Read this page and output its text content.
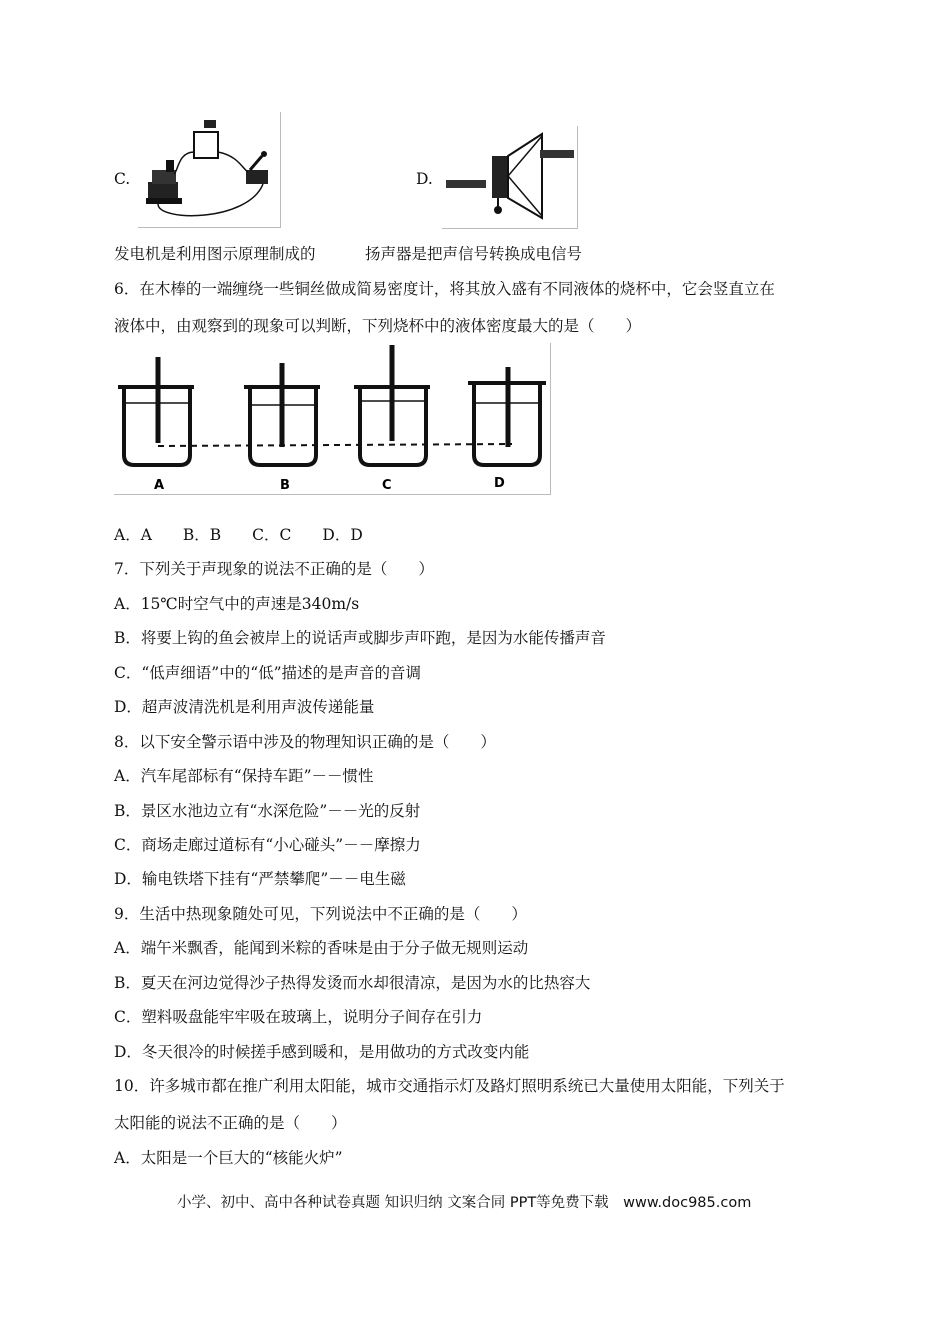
C.	D.
发电机是利用图示原理制成的	扬声器是把声信号转换成电信号
6．在木棒的一端缠绕一些铜丝做成简易密度计，将其放入盛有不同液体的烧杯中，它会竖直立在
液体中，由观察到的现象可以判断，下列烧杯中的液体密度最大的是（　　）
A	B	C	D
A．A　　B．B　　C．C　　D．D
7．下列关于声现象的说法不正确的是（　　）
A．15℃时空气中的声速是340m/s
B．将要上钩的鱼会被岸上的说话声或脚步声吓跑，是因为水能传播声音
C．“低声细语”中的“低”描述的是声音的音调
D．超声波清洗机是利用声波传递能量
8．以下安全警示语中涉及的物理知识正确的是（　　）
A．汽车尾部标有“保持车距”－－惯性
B．景区水池边立有“水深危险”－－光的反射
C．商场走廊过道标有“小心碰头”－－摩擦力
D．输电铁塔下挂有“严禁攀爬”－－电生磁
9．生活中热现象随处可见，下列说法中不正确的是（　　）
A．端午米飘香，能闻到米粽的香味是由于分子做无规则运动
B．夏天在河边觉得沙子热得发烫而水却很清凉，是因为水的比热容大
C．塑料吸盘能牢牢吸在玻璃上，说明分子间存在引力
D．冬天很冷的时候搓手感到暖和，是用做功的方式改变内能
10．许多城市都在推广利用太阳能，城市交通指示灯及路灯照明系统已大量使用太阳能，下列关于
太阳能的说法不正确的是（　　）
A．太阳是一个巨大的“核能火炉”
小学、初中、高中各种试卷真题 知识归纳 文案合同 PPT等免费下载　www.doc985.com
